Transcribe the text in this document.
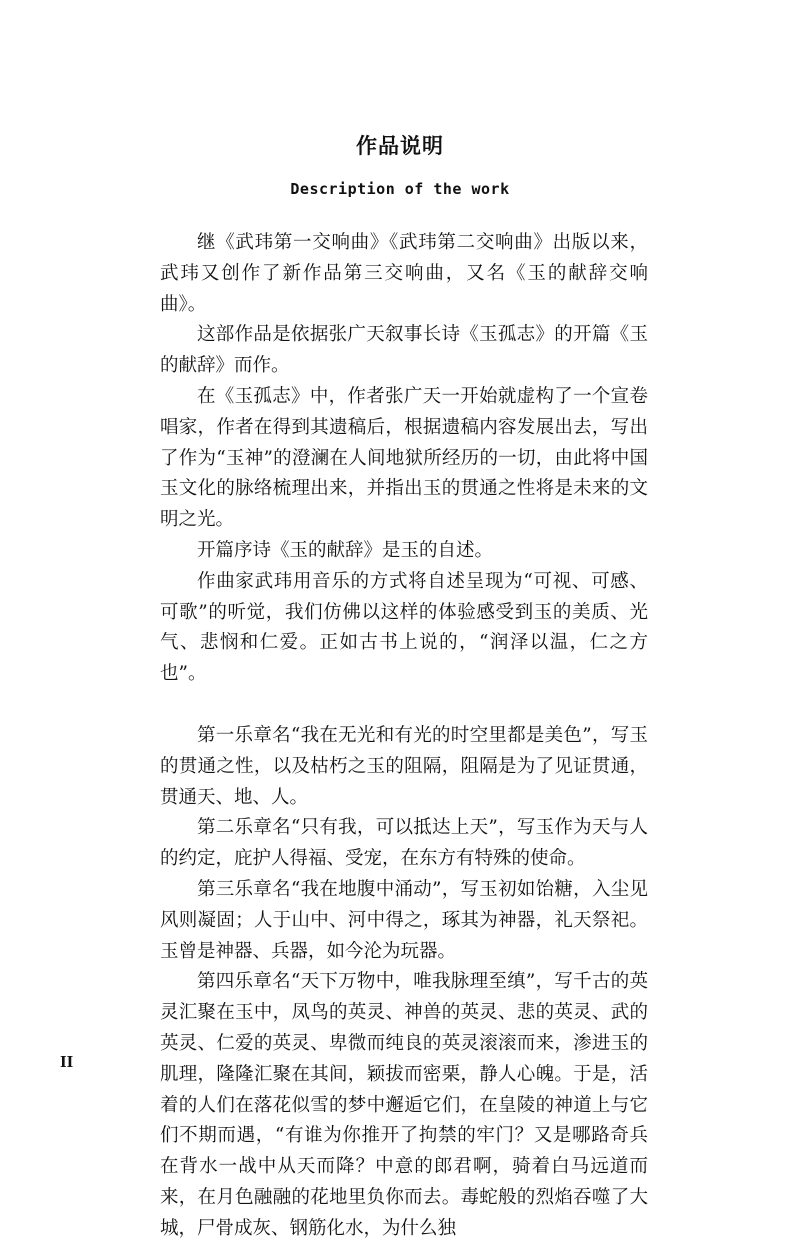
作品说明
Description of the work

继《武玮第一交响曲》《武玮第二交响曲》出版以来，武玮又创作了新作品第三交响曲，又名《玉的献辞交响曲》。

这部作品是依据张广天叙事长诗《玉孤志》的开篇《玉的献辞》而作。

在《玉孤志》中，作者张广天一开始就虚构了一个宣卷唱家，作者在得到其遗稿后，根据遗稿内容发展出去，写出了作为“玉神”的澄澜在人间地狱所经历的一切，由此将中国玉文化的脉络梳理出来，并指出玉的贯通之性将是未来的文明之光。

开篇序诗《玉的献辞》是玉的自述。

作曲家武玮用音乐的方式将自述呈现为“可视、可感、可歌”的听觉，我们仿佛以这样的体验感受到玉的美质、光气、悲悯和仁爱。正如古书上说的，“润泽以温，仁之方也”。

第一乐章名“我在无光和有光的时空里都是美色”，写玉的贯通之性，以及枯朽之玉的阻隔，阻隔是为了见证贯通，贯通天、地、人。

第二乐章名“只有我，可以抵达上天”，写玉作为天与人的约定，庇护人得福、受宠，在东方有特殊的使命。

第三乐章名“我在地腹中涌动”，写玉初如饴糖，入尘见风则凝固；人于山中、河中得之，琢其为神器，礼天祭祀。玉曾是神器、兵器，如今沦为玩器。

第四乐章名“天下万物中，唯我脉理至缜”，写千古的英灵汇聚在玉中，凤鸟的英灵、神兽的英灵、悲的英灵、武的英灵、仁爱的英灵、卑微而纯良的英灵滚滚而来，渗进玉的肌理，隆隆汇聚在其间，颖拔而密栗，静人心魄。于是，活着的人们在落花似雪的梦中邂逅它们，在皇陵的神道上与它们不期而遇，“有谁为你推开了拘禁的牢门？又是哪路奇兵在背水一战中从天而降？中意的郎君啊，骑着白马远道而来，在月色融融的花地里负你而去。毒蛇般的烈焰吞噬了大城，尸骨成灰、钢筋化水，为什么独

II
